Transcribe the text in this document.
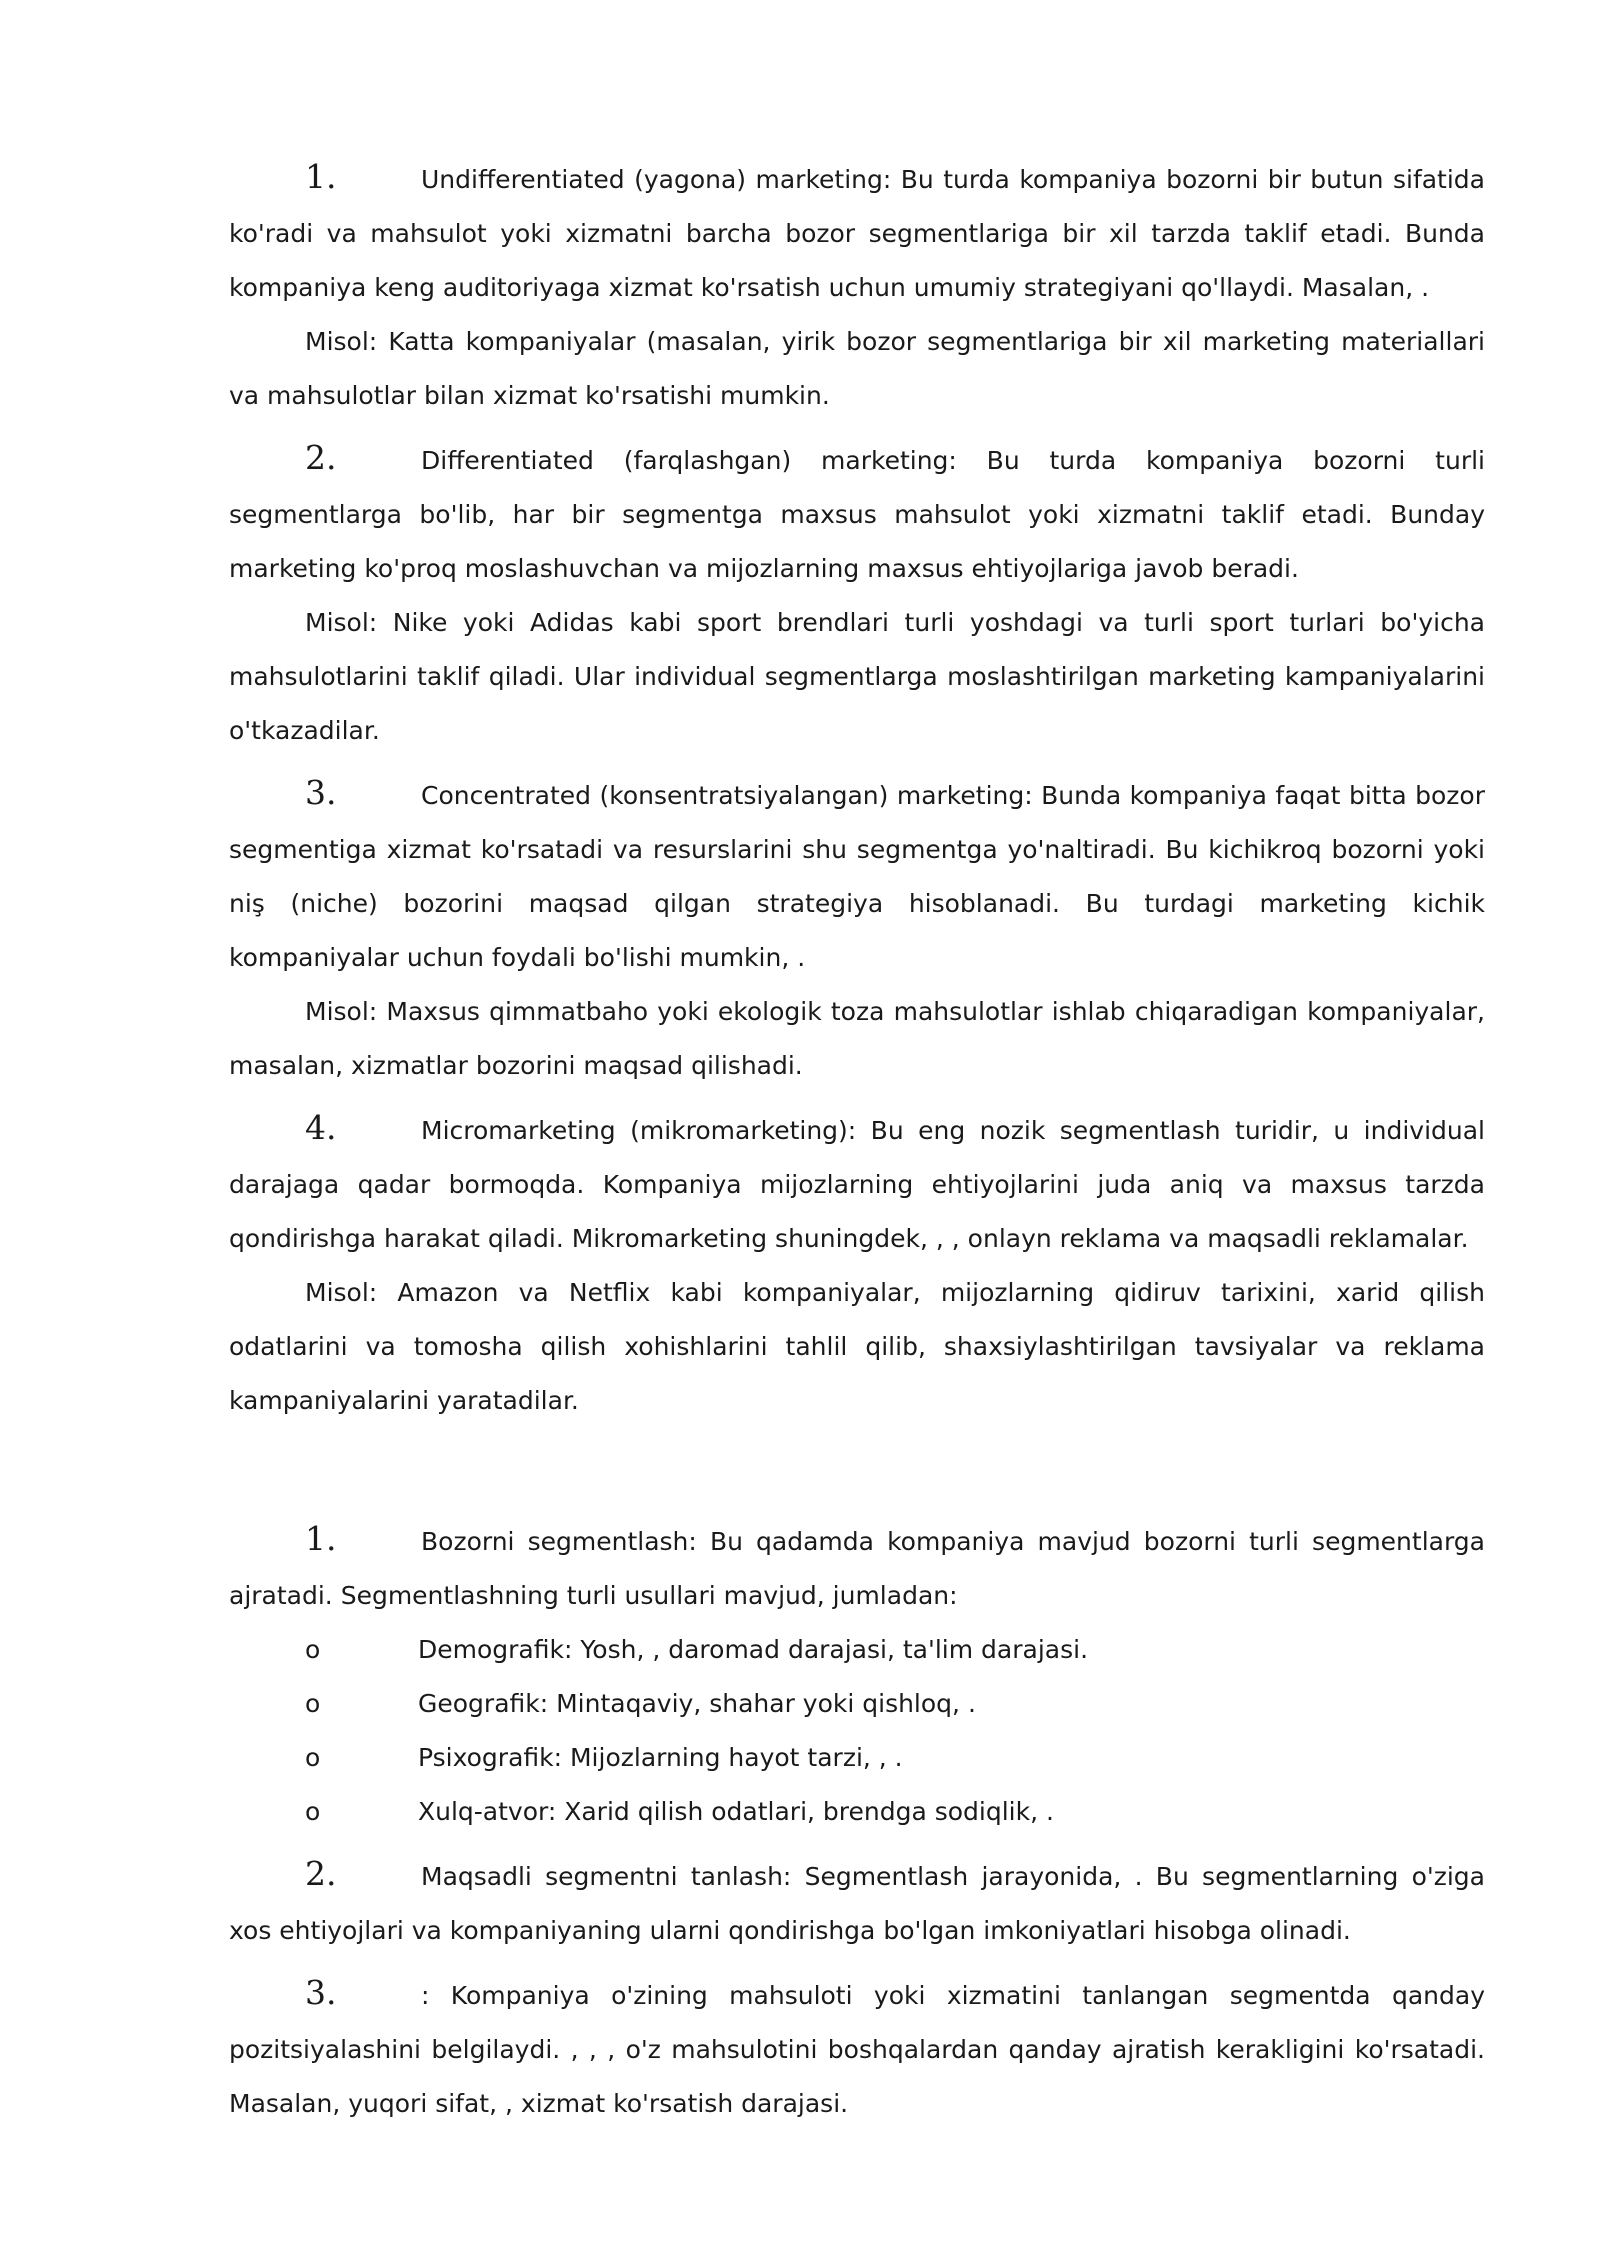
1.	Undifferentiated (yagona) marketing: Bu turda kompaniya bozorni bir butun sifatida ko'radi va mahsulot yoki xizmatni barcha bozor segmentlariga bir xil tarzda taklif etadi. Bunda kompaniya keng auditoriyaga xizmat ko'rsatish uchun umumiy strategiyani qo'llaydi. Masalan, .

Misol: Katta kompaniyalar (masalan, yirik bozor segmentlariga bir xil marketing materiallari va mahsulotlar bilan xizmat ko'rsatishi mumkin.

2.	Differentiated (farqlashgan) marketing: Bu turda kompaniya bozorni turli segmentlarga bo'lib, har bir segmentga maxsus mahsulot yoki xizmatni taklif etadi. Bunday marketing ko'proq moslashuvchan va mijozlarning maxsus ehtiyojlariga javob beradi.

Misol: Nike yoki Adidas kabi sport brendlari turli yoshdagi va turli sport turlari bo'yicha mahsulotlarini taklif qiladi. Ular individual segmentlarga moslashtirilgan marketing kampaniyalarini o'tkazadilar.

3.	Concentrated (konsentratsiyalangan) marketing: Bunda kompaniya faqat bitta bozor segmentiga xizmat ko'rsatadi va resurslarini shu segmentga yo'naltiradi. Bu kichikroq bozorni yoki niş (niche) bozorini maqsad qilgan strategiya hisoblanadi. Bu turdagi marketing kichik kompaniyalar uchun foydali bo'lishi mumkin, .

Misol: Maxsus qimmatbaho yoki ekologik toza mahsulotlar ishlab chiqaradigan kompaniyalar, masalan, xizmatlar bozorini maqsad qilishadi.

4.	Micromarketing (mikromarketing): Bu eng nozik segmentlash turidir, u individual darajaga qadar bormoqda. Kompaniya mijozlarning ehtiyojlarini juda aniq va maxsus tarzda qondirishga harakat qiladi. Mikromarketing shuningdek, , , onlayn reklama va maqsadli reklamalar.

Misol: Amazon va Netflix kabi kompaniyalar, mijozlarning qidiruv tarixini, xarid qilish odatlarini va tomosha qilish xohishlarini tahlil qilib, shaxsiylashtirilgan tavsiyalar va reklama kampaniyalarini yaratadilar.

1.	Bozorni segmentlash: Bu qadamda kompaniya mavjud bozorni turli segmentlarga ajratadi. Segmentlashning turli usullari mavjud, jumladan:

o	Demografik: Yosh, , daromad darajasi, ta'lim darajasi.

o	Geografik: Mintaqaviy, shahar yoki qishloq, .

o	Psixografik: Mijozlarning hayot tarzi, , .

o	Xulq-atvor: Xarid qilish odatlari, brendga sodiqlik, .

2.	Maqsadli segmentni tanlash: Segmentlash jarayonida, . Bu segmentlarning o'ziga xos ehtiyojlari va kompaniyaning ularni qondirishga bo'lgan imkoniyatlari hisobga olinadi.

3.	: Kompaniya o'zining mahsuloti yoki xizmatini tanlangan segmentda qanday pozitsiyalashini belgilaydi. , , , o'z mahsulotini boshqalardan qanday ajratish kerakligini ko'rsatadi. Masalan, yuqori sifat, , xizmat ko'rsatish darajasi.
